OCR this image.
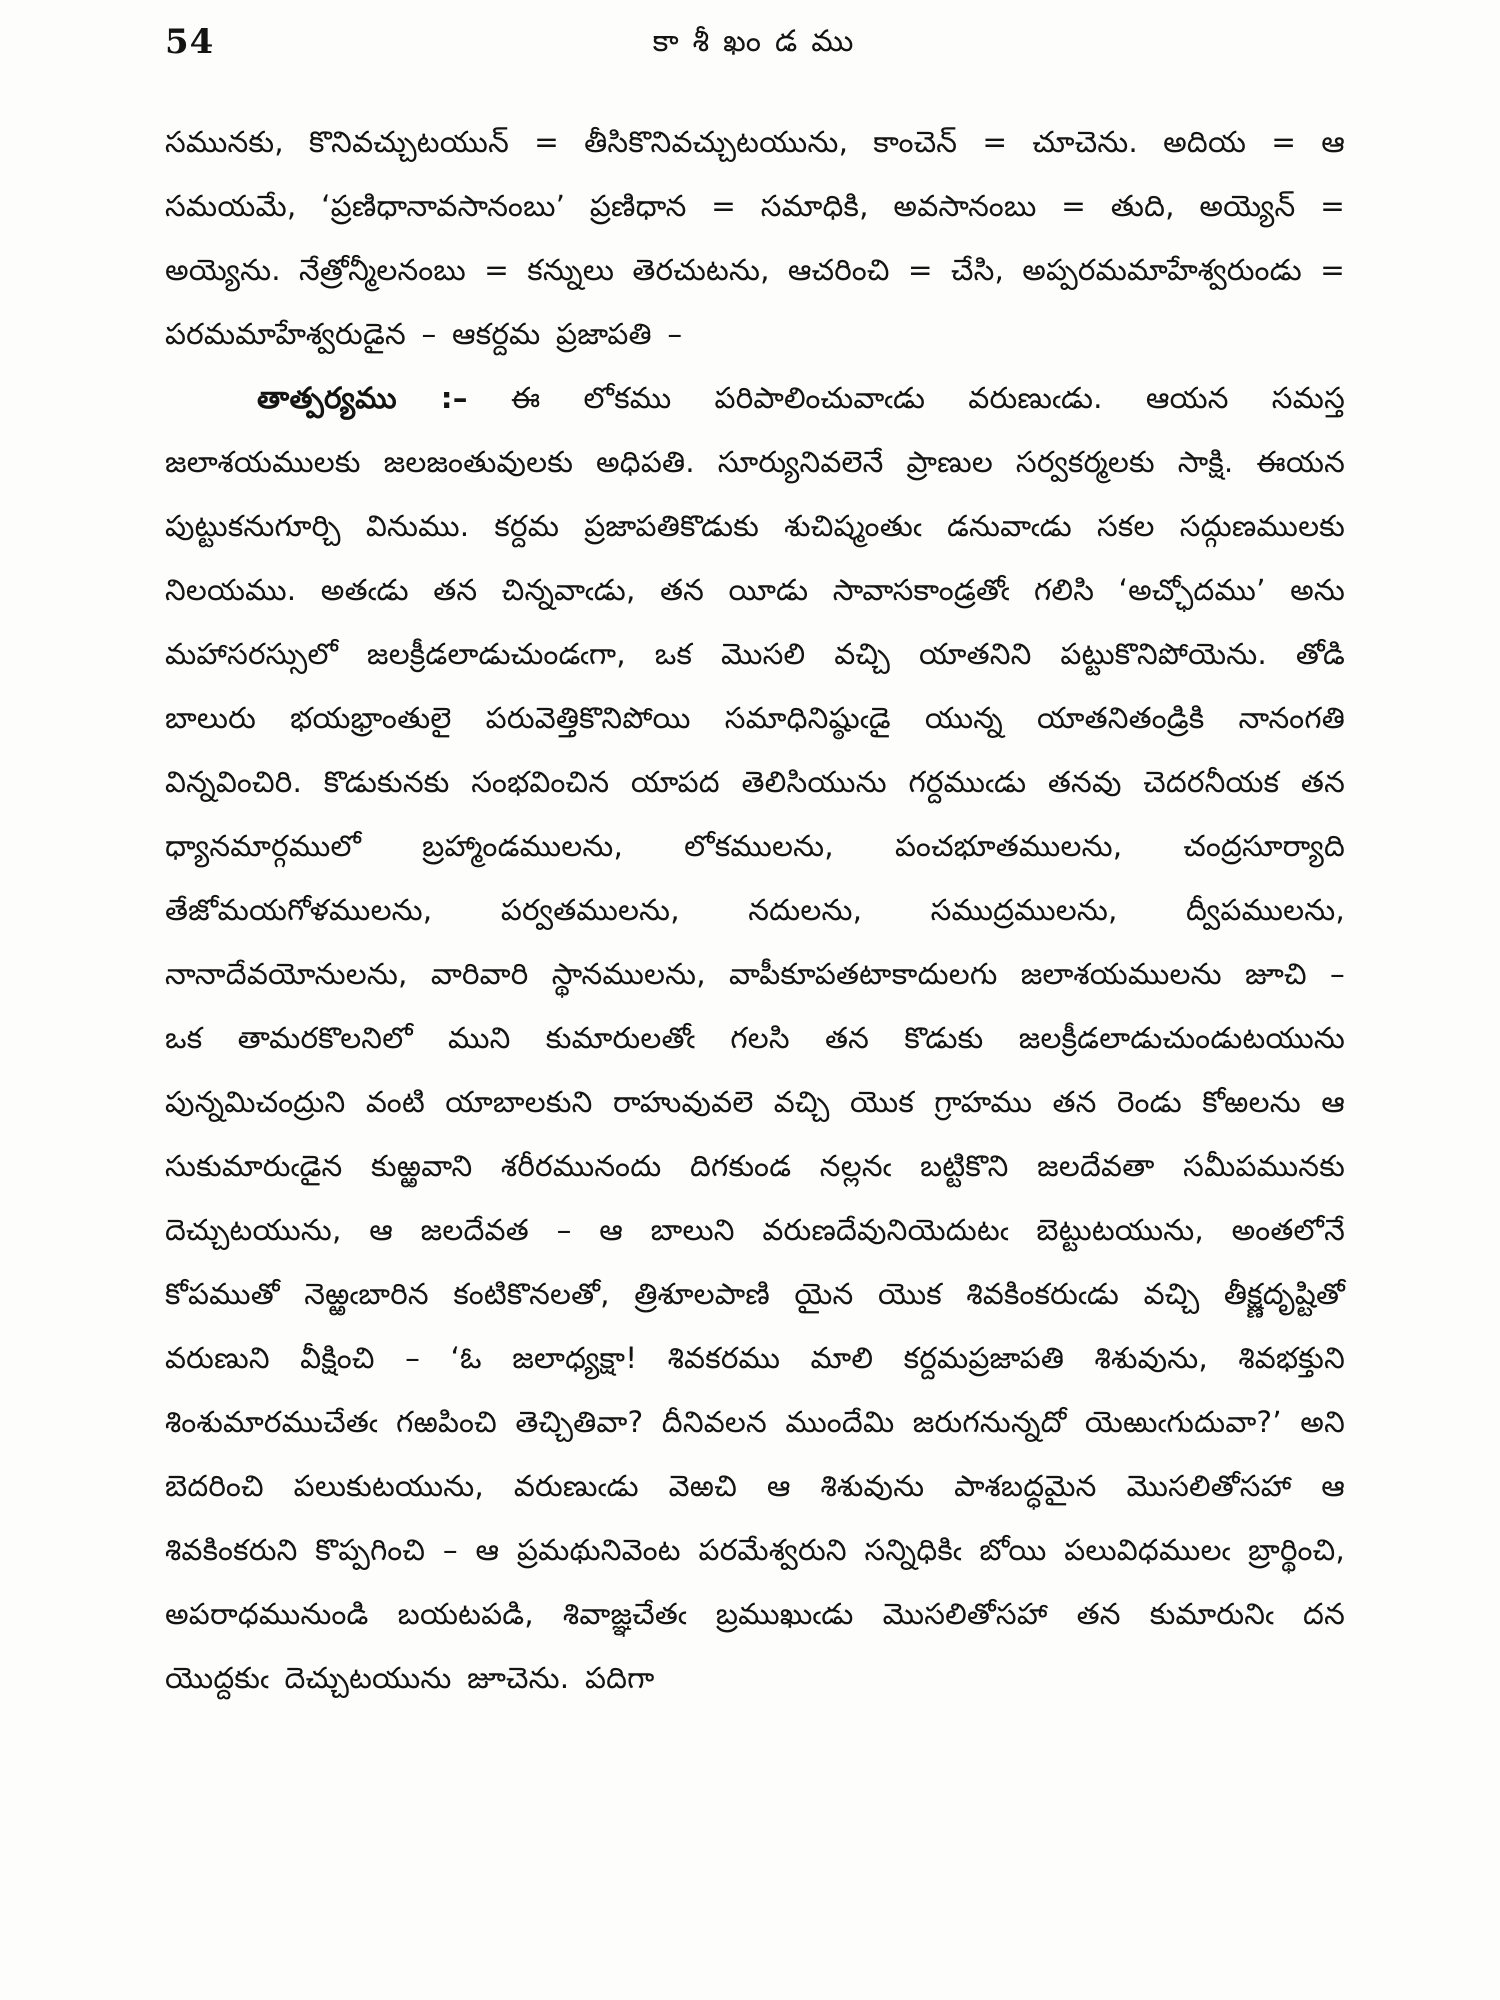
54	కాశీఖండము

సమునకు, కొనివచ్చుటయున్ = తీసికొనివచ్చుటయును, కాంచెన్ = చూచెను. అదియ = ఆ సమయమే, ‘ప్రణిధానావసానంబు’ ప్రణిధాన = సమాధికి, అవసానంబు = తుది, అయ్యెన్ = అయ్యెను. నేత్రోన్మీలనంబు = కన్నులు తెరచుటను, ఆచరించి = చేసి, అప్పరమమాహేశ్వరుండు = పరమమాహేశ్వరుడైన – ఆకర్దమ ప్రజాపతి –

తాత్పర్యము :– ఈ లోకము పరిపాలించువాఁడు వరుణుఁడు. ఆయన సమస్త జలాశయములకు జలజంతువులకు అధిపతి. సూర్యునివలెనే ప్రాణుల సర్వకర్మలకు సాక్షి. ఈయన పుట్టుకనుగూర్చి వినుము. కర్దమ ప్రజాపతికొడుకు శుచిష్మంతుఁ డనువాఁడు సకల సద్గుణములకు నిలయము. అతఁడు తన చిన్నవాఁడు, తన యీడు సావాసకాండ్రతోఁ గలిసి ‘అచ్ఛోదము’ అను మహాసరస్సులో జలక్రీడలాడుచుండఁగా, ఒక మొసలి వచ్చి యాతనిని పట్టుకొనిపోయెను. తోడి బాలురు భయభ్రాంతులై పరువెత్తికొనిపోయి సమాధినిష్ఠుఁడై యున్న యాతనితండ్రికి నానంగతి విన్నవించిరి. కొడుకునకు సంభవించిన యాపద తెలిసియును గర్దముఁడు తనవు చెదరనీయక తన ధ్యానమార్గములో బ్రహ్మాండములను, లోకములను, పంచభూతములను, చంద్రసూర్యాది తేజోమయగోళములను, పర్వతములను, నదులను, సముద్రములను, ద్వీపములను, నానాదేవయోనులను, వారివారి స్థానములను, వాపీకూపతటాకాదులగు జలాశయములను జూచి – ఒక తామరకొలనిలో ముని కుమారులతోఁ గలసి తన కొడుకు జలక్రీడలాడుచుండుటయును పున్నమిచంద్రుని వంటి యాబాలకుని రాహువువలె వచ్చి యొక గ్రాహము తన రెండు కోఱలను ఆ సుకుమారుఁడైన కుఱ్ఱవాని శరీరమునందు దిగకుండ నల్లనఁ బట్టికొని జలదేవతా సమీపమునకు దెచ్చుటయును, ఆ జలదేవత – ఆ బాలుని వరుణదేవునియెదుటఁ బెట్టుటయును, అంతలోనే కోపముతో నెఱ్ఱఁబారిన కంటికొనలతో, త్రిశూలపాణి యైన యొక శివకింకరుఁడు వచ్చి తీక్ష్ణదృష్టితో వరుణుని వీక్షించి – ‘ఓ జలాధ్యక్షా! శివకరము మాలి కర్దమప్రజాపతి శిశువును, శివభక్తుని శింశుమారముచేతఁ గఱపించి తెచ్చితివా? దీనివలన ముందేమి జరుగనున్నదో యెఱుఁగుదువా?’ అని బెదరించి పలుకుటయును, వరుణుఁడు వెఱచి ఆ శిశువును పాశబద్ధమైన మొసలితోసహా ఆ శివకింకరుని కొప్పగించి – ఆ ప్రమథునివెంట పరమేశ్వరుని సన్నిధికిఁ బోయి పలువిధములఁ బ్రార్థించి, అపరాధమునుండి బయటపడి, శివాజ్ఞచేతఁ బ్రముఖుఁడు మొసలితోసహా తన కుమారునిఁ దన యొద్దకుఁ దెచ్చుటయును జూచెను. పదిగా
